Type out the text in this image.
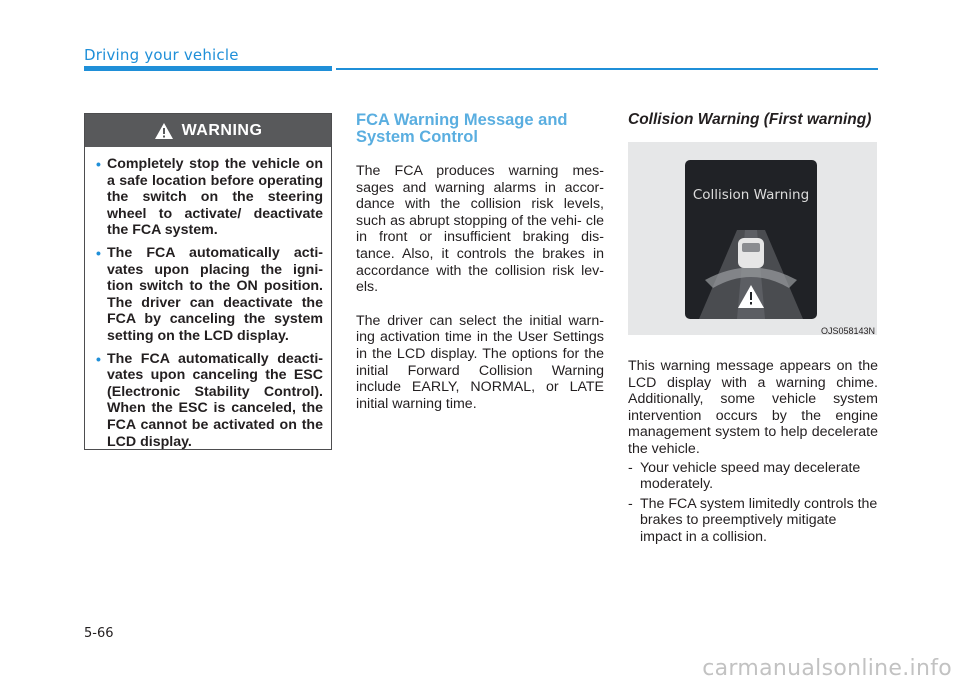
Driving your vehicle
WARNING
• Completely stop the vehicle on a safe location before operating the switch on the steering wheel to activate/ deactivate the FCA system.
• The FCA automatically acti- vates upon placing the igni- tion switch to the ON position. The driver can deactivate the FCA by canceling the system setting on the LCD display.
• The FCA automatically deacti- vates upon canceling the ESC (Electronic Stability Control). When the ESC is canceled, the FCA cannot be activated on the LCD display.
FCA Warning Message and System Control

The FCA produces warning mes- sages and warning alarms in accor- dance with the collision risk levels, such as abrupt stopping of the vehi- cle in front or insufficient braking dis- tance. Also, it controls the brakes in accordance with the collision risk lev- els.

The driver can select the initial warn- ing activation time in the User Settings in the LCD display. The options for the initial Forward Collision Warning include EARLY, NORMAL, or LATE initial warning time.

Collision Warning (First warning)
Collision Warning
OJS058143N

This warning message appears on the LCD display with a warning chime. Additionally, some vehicle system intervention occurs by the engine management system to help decelerate the vehicle.

- Your vehicle speed may decelerate moderately.
- The FCA system limitedly controls the brakes to preemptively mitigate impact in a collision.
5-66
carmanualsonline.info
